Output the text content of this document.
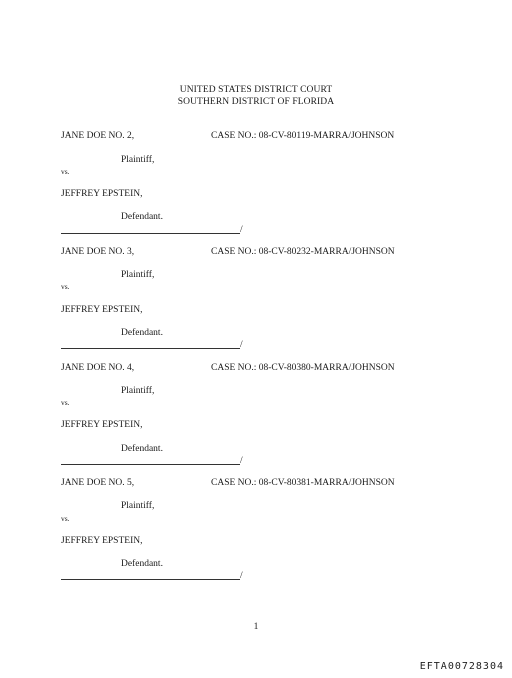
UNITED STATES DISTRICT COURT
SOUTHERN DISTRICT OF FLORIDA
JANE DOE NO. 2,	CASE NO.: 08-CV-80119-MARRA/JOHNSON
Plaintiff,
vs.
JEFFREY EPSTEIN,
Defendant.
/
JANE DOE NO. 3,	CASE NO.: 08-CV-80232-MARRA/JOHNSON
Plaintiff,
vs.
JEFFREY EPSTEIN,
Defendant.
/
JANE DOE NO. 4,	CASE NO.: 08-CV-80380-MARRA/JOHNSON
Plaintiff,
vs.
JEFFREY EPSTEIN,
Defendant.
/
JANE DOE NO. 5,	CASE NO.: 08-CV-80381-MARRA/JOHNSON
Plaintiff,
vs.
JEFFREY EPSTEIN,
Defendant.
/
1
EFTA00728304
